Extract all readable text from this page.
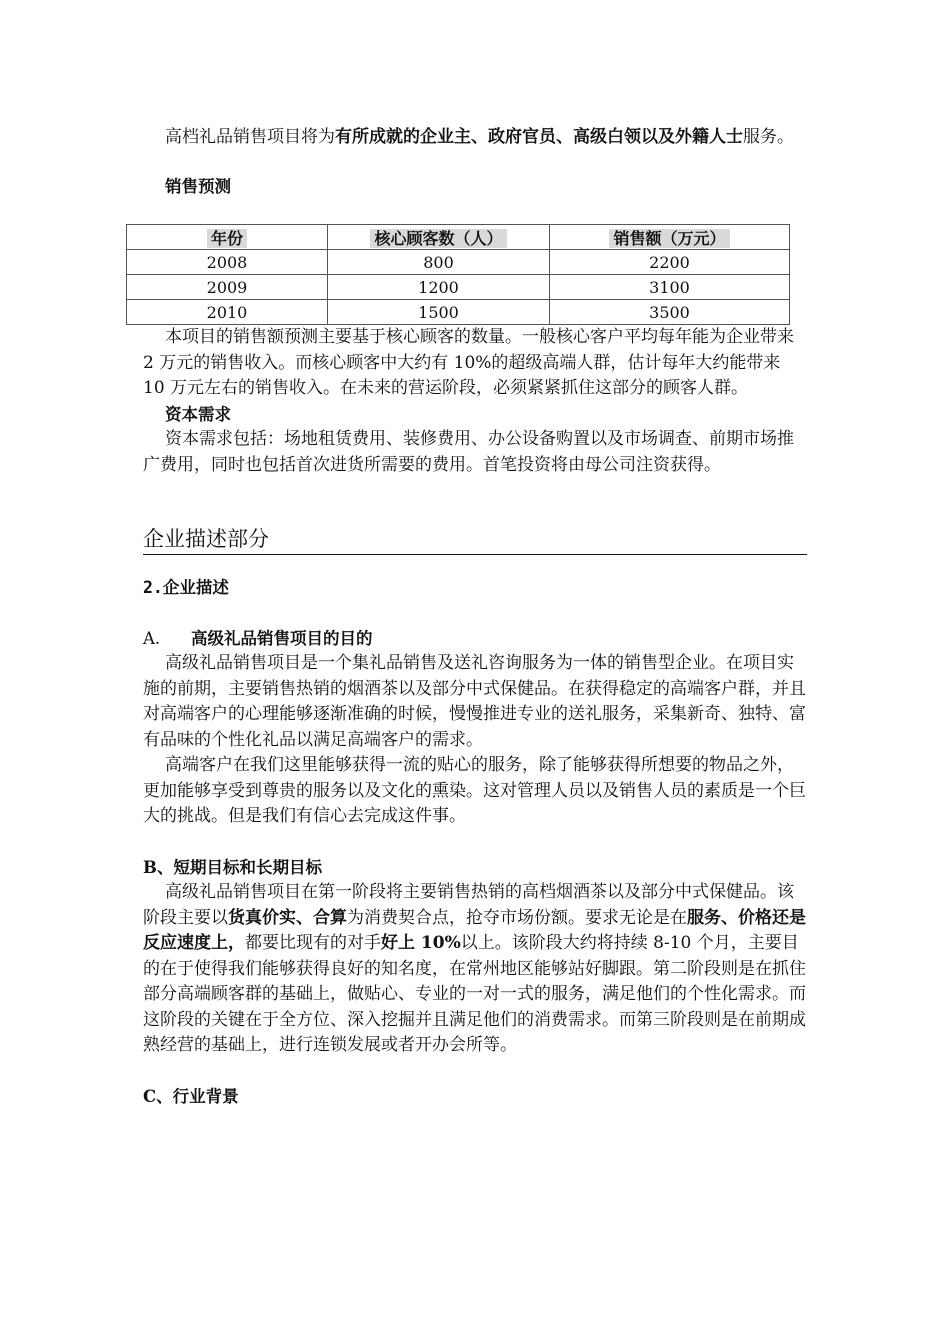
高档礼品销售项目将为有所成就的企业主、政府官员、高级白领以及外籍人士服务。

销售预测

年份	核心顾客数（人）	销售额（万元）
2008	800	2200
2009	1200	3100
2010	1500	3500

本项目的销售额预测主要基于核心顾客的数量。一般核心客户平均每年能为企业带来 2 万元的销售收入。而核心顾客中大约有 10%的超级高端人群，估计每年大约能带来 10 万元左右的销售收入。在未来的营运阶段，必须紧紧抓住这部分的顾客人群。

资本需求

资本需求包括：场地租赁费用、装修费用、办公设备购置以及市场调查、前期市场推广费用，同时也包括首次进货所需要的费用。首笔投资将由母公司注资获得。

企业描述部分

2.企业描述

A. 高级礼品销售项目的目的

高级礼品销售项目是一个集礼品销售及送礼咨询服务为一体的销售型企业。在项目实施的前期，主要销售热销的烟酒茶以及部分中式保健品。在获得稳定的高端客户群，并且对高端客户的心理能够逐渐准确的时候，慢慢推进专业的送礼服务，采集新奇、独特、富有品味的个性化礼品以满足高端客户的需求。

高端客户在我们这里能够获得一流的贴心的服务，除了能够获得所想要的物品之外，更加能够享受到尊贵的服务以及文化的熏染。这对管理人员以及销售人员的素质是一个巨大的挑战。但是我们有信心去完成这件事。

B、短期目标和长期目标

高级礼品销售项目在第一阶段将主要销售热销的高档烟酒茶以及部分中式保健品。该阶段主要以货真价实、合算为消费契合点，抢夺市场份额。要求无论是在服务、价格还是反应速度上，都要比现有的对手好上 10%以上。该阶段大约将持续 8-10 个月，主要目的在于使得我们能够获得良好的知名度，在常州地区能够站好脚跟。第二阶段则是在抓住部分高端顾客群的基础上，做贴心、专业的一对一式的服务，满足他们的个性化需求。而这阶段的关键在于全方位、深入挖掘并且满足他们的消费需求。而第三阶段则是在前期成熟经营的基础上，进行连锁发展或者开办会所等。

C、行业背景
